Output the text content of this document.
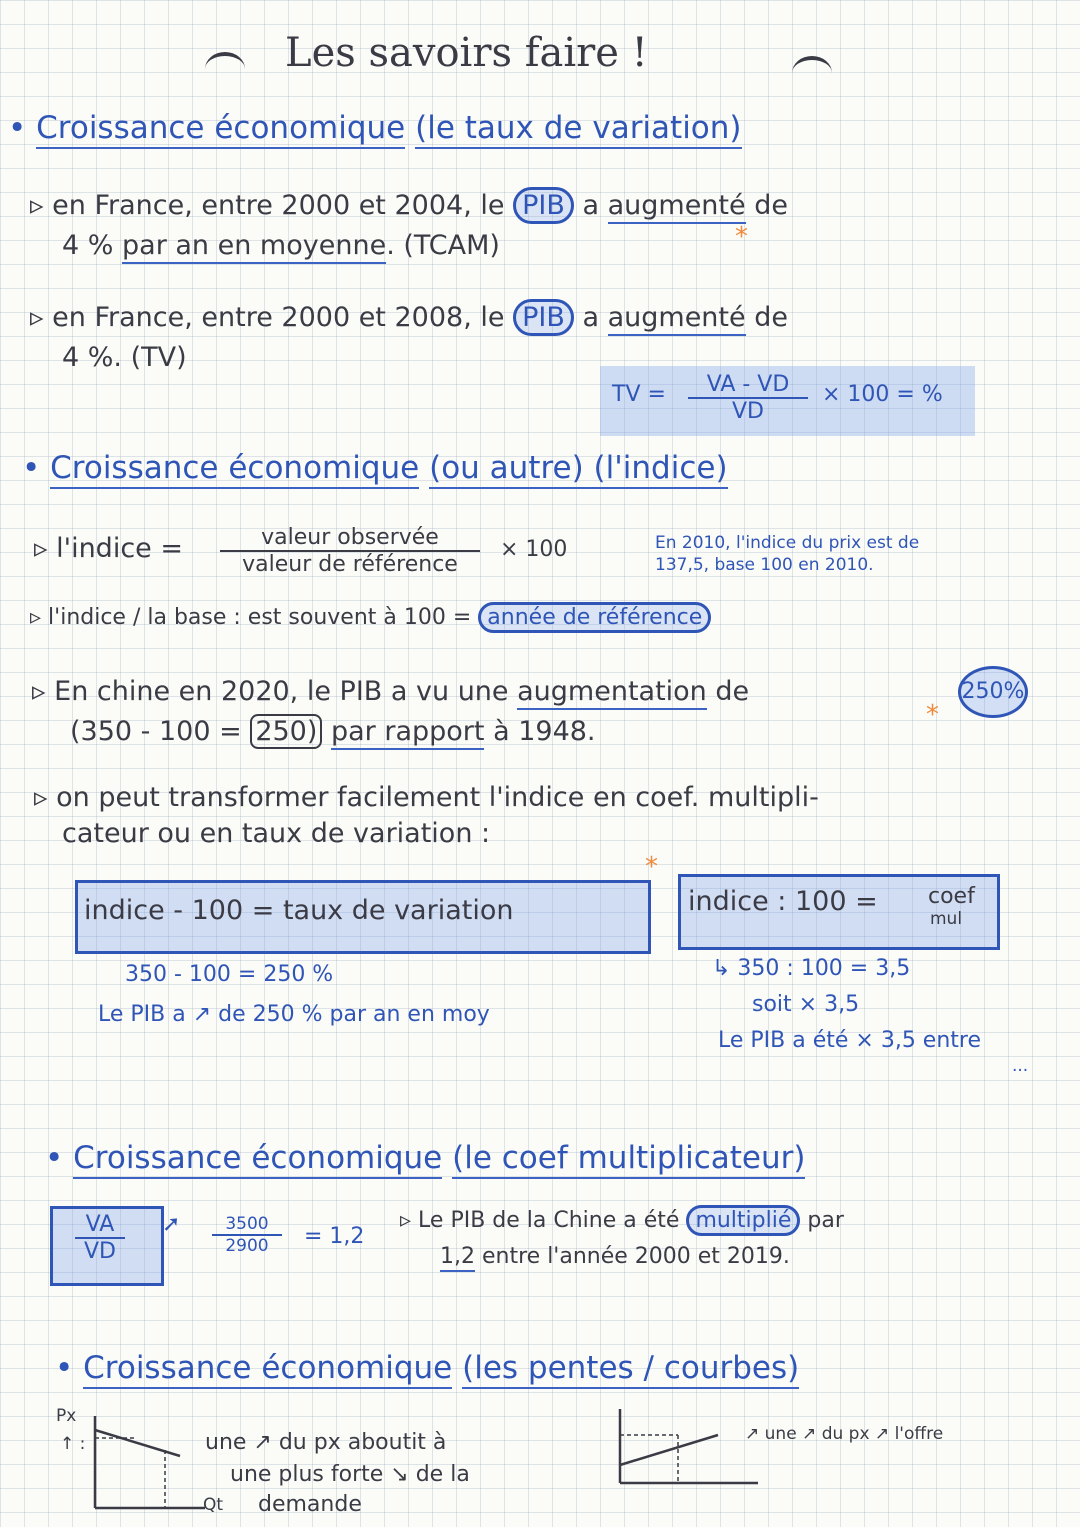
Les savoirs faire !
• Croissance économique (le taux de variation)
▹ en France, entre 2000 et 2004, le PIB a augmenté de
4 % par an en moyenne. (TCAM)	*
▹ en France, entre 2000 et 2008, le PIB a augmenté de
4 %. (TV)
TV =	VA - VD
VD
× 100 = %
• Croissance économique (ou autre) (l'indice)
▹ l'indice =	valeur observée
valeur de référence
× 100	En 2010, l'indice du prix est de
137,5, base 100 en 2010.
▹ l'indice / la base : est souvent à 100 = année de référence
▹ En chine en 2020, le PIB a vu une augmentation de	250%
*
(350 - 100 = 250) par rapport à 1948.
▹ on peut transformer facilement l'indice en coef. multipli-
cateur ou en taux de variation :
*
indice - 100 = taux de variation	indice : 100 = coef
mul
350 - 100 = 250 %
Le PIB a ↗ de 250 % par an en moy
↳ 350 : 100 = 3,5
soit × 3,5
Le PIB a été × 3,5 entre
...
• Croissance économique (le coef multiplicateur)
VA
VD
➚	3500
2900	= 1,2
▹ Le PIB de la Chine a été multiplié par
1,2 entre l'année 2000 et 2019.
• Croissance économique (les pentes / courbes)
Px
↑ :
Qt
une ↗ du px aboutit à
une plus forte ↘ de la
demande
↗ une ↗ du px ↗ l'offre
